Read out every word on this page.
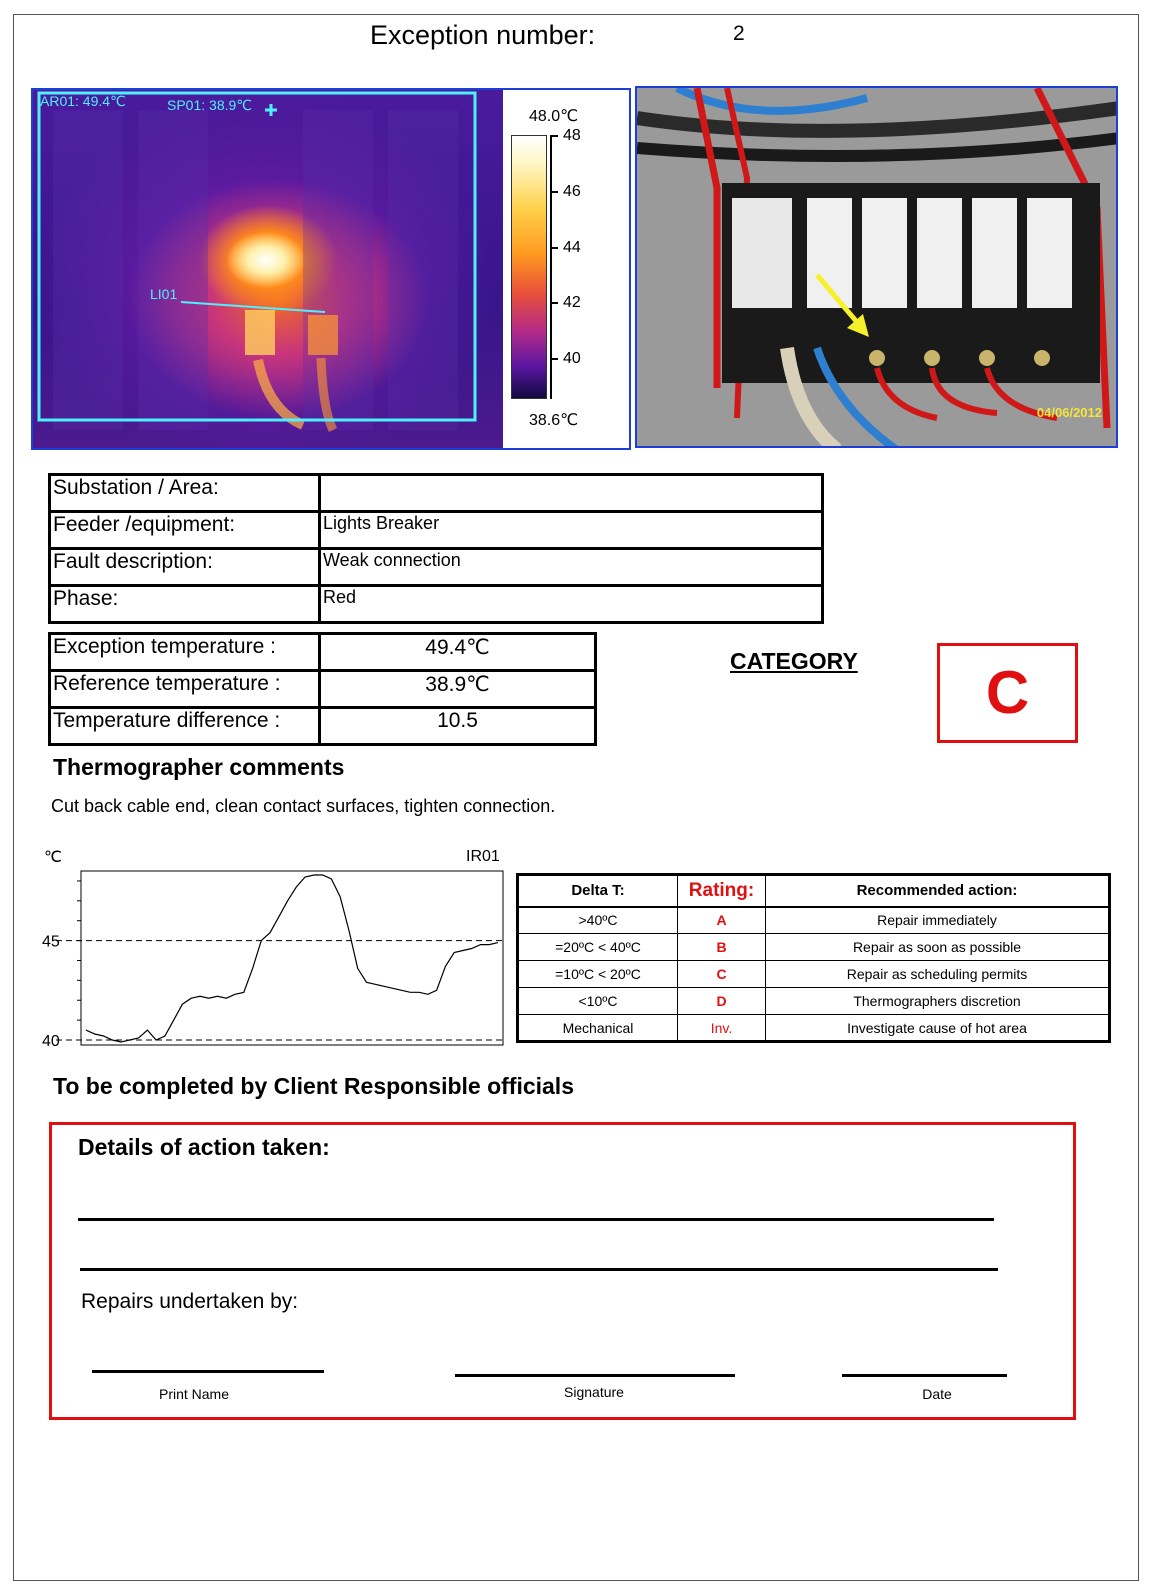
Exception number:	2
AR01: 49.4℃	SP01: 38.9℃
LI01
48.0℃
48
46
44
42
40
38.6℃	04/06/2012
Substation / Area:	
Feeder /equipment:	Lights Breaker
Fault description:	Weak connection
Phase:	Red
Exception temperature :	49.4℃
Reference temperature :	38.9℃
Temperature difference :	10.5
CATEGORY	C
Thermographer comments
Cut back cable end, clean contact surfaces, tighten connection.
℃	IR01
40
45
Delta T:	Rating:	Recommended action:
>40ºC	A	Repair immediately
=20ºC < 40ºC	B	Repair as soon as possible
=10ºC < 20ºC	C	Repair as scheduling permits
<10ºC	D	Thermographers discretion
Mechanical	Inv.	Investigate cause of hot area
To be completed by Client Responsible officials
Details of action taken:
Repairs undertaken by:
Print Name	Signature	Date
